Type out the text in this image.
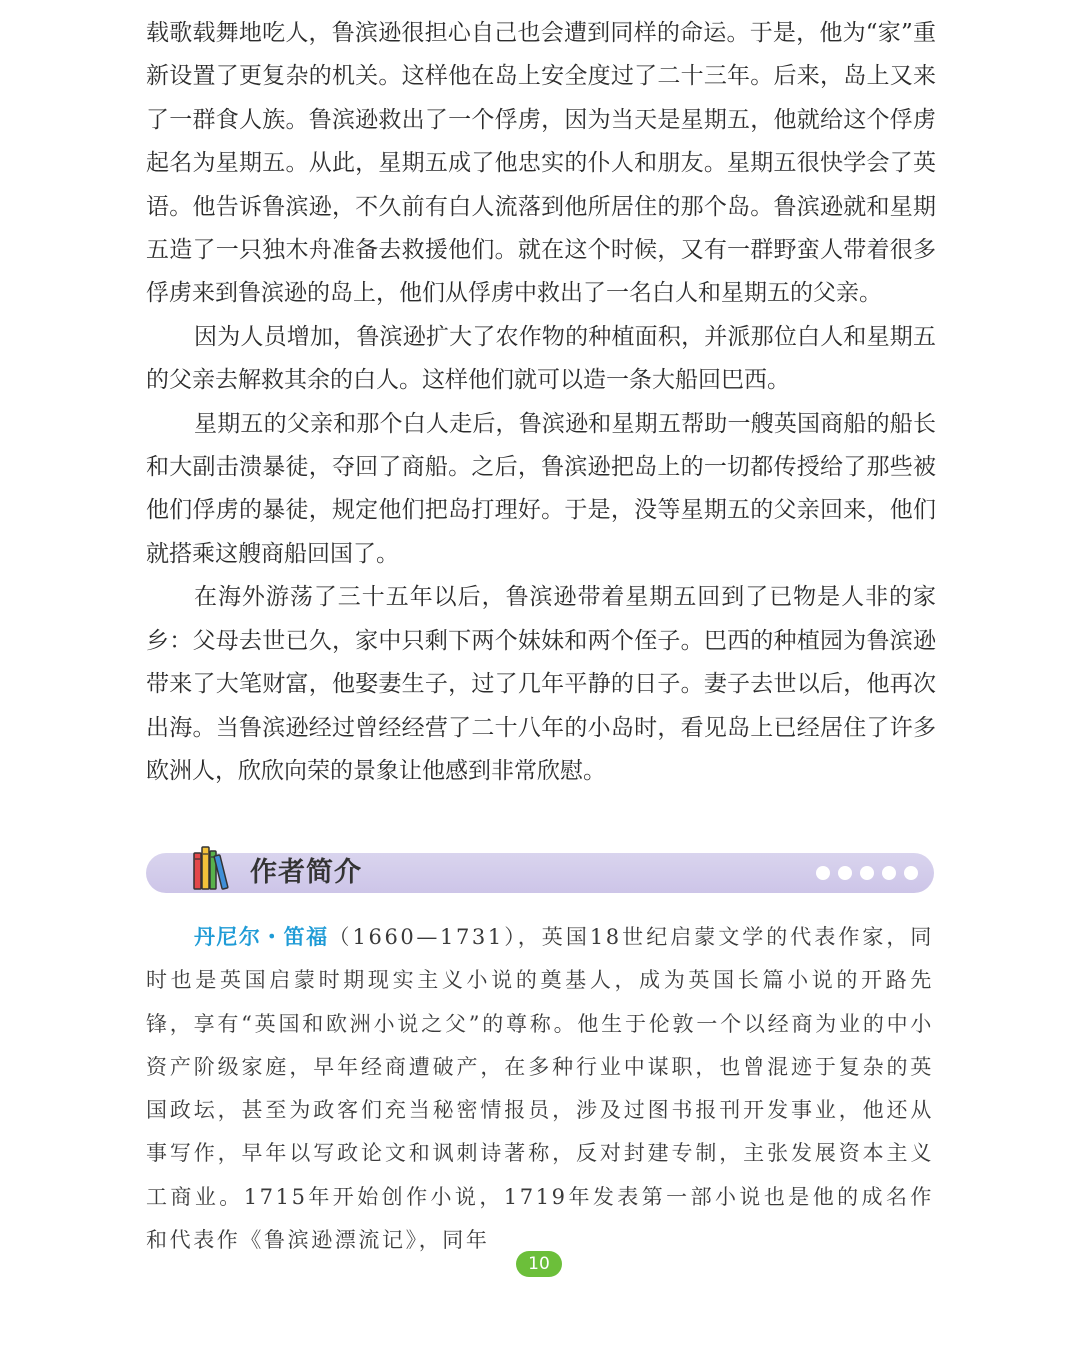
载歌载舞地吃人，鲁滨逊很担心自己也会遭到同样的命运。于是，他为“家”重新设置了更复杂的机关。这样他在岛上安全度过了二十三年。后来，岛上又来了一群食人族。鲁滨逊救出了一个俘虏，因为当天是星期五，他就给这个俘虏起名为星期五。从此，星期五成了他忠实的仆人和朋友。星期五很快学会了英语。他告诉鲁滨逊，不久前有白人流落到他所居住的那个岛。鲁滨逊就和星期五造了一只独木舟准备去救援他们。就在这个时候，又有一群野蛮人带着很多俘虏来到鲁滨逊的岛上，他们从俘虏中救出了一名白人和星期五的父亲。

因为人员增加，鲁滨逊扩大了农作物的种植面积，并派那位白人和星期五的父亲去解救其余的白人。这样他们就可以造一条大船回巴西。

星期五的父亲和那个白人走后，鲁滨逊和星期五帮助一艘英国商船的船长和大副击溃暴徒，夺回了商船。之后，鲁滨逊把岛上的一切都传授给了那些被他们俘虏的暴徒，规定他们把岛打理好。于是，没等星期五的父亲回来，他们就搭乘这艘商船回国了。

在海外游荡了三十五年以后，鲁滨逊带着星期五回到了已物是人非的家乡：父母去世已久，家中只剩下两个妹妹和两个侄子。巴西的种植园为鲁滨逊带来了大笔财富，他娶妻生子，过了几年平静的日子。妻子去世以后，他再次出海。当鲁滨逊经过曾经经营了二十八年的小岛时，看见岛上已经居住了许多欧洲人，欣欣向荣的景象让他感到非常欣慰。

作者简介

丹尼尔・笛福（1660—1731），英国18世纪启蒙文学的代表作家，同时也是英国启蒙时期现实主义小说的奠基人，成为英国长篇小说的开路先锋，享有“英国和欧洲小说之父”的尊称。他生于伦敦一个以经商为业的中小资产阶级家庭，早年经商遭破产，在多种行业中谋职，也曾混迹于复杂的英国政坛，甚至为政客们充当秘密情报员，涉及过图书报刊开发事业，他还从事写作，早年以写政论文和讽刺诗著称，反对封建专制，主张发展资本主义工商业。1715年开始创作小说，1719年发表第一部小说也是他的成名作和代表作《鲁滨逊漂流记》，同年

10
